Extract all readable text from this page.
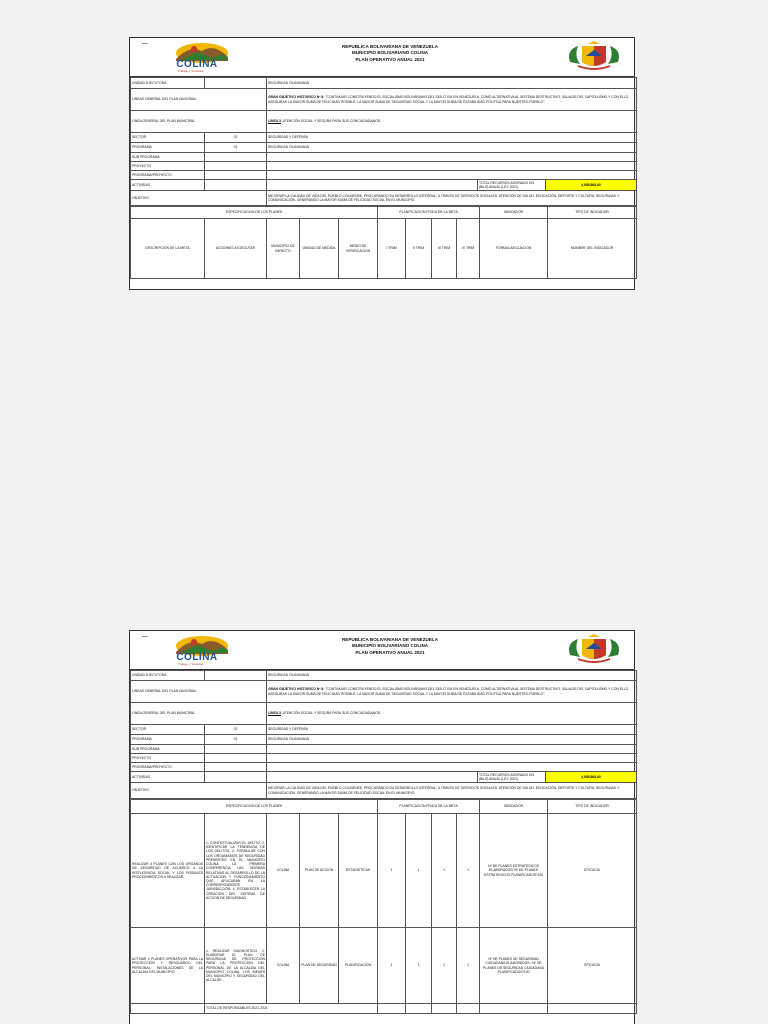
—
COLINA
Trabajo y Seriedad
REPUBLICA BOLIVARIANA DE VENEZUELA
MUNICIPIO BOLIVARIANO COLINA
PLAN OPERATIVO ANUAL 2021
UNIDAD EJECUTORA		SEGURIDAD CIUDADANA		
LINEAS GENERAL DEL PLAN NACIONAL		GRAN OBJETIVO HISTORICO Nº II: "CONTINUAR CONSTRUYENDO EL SOCIALISMO BOLIVARIANO DEL SIGLO XXI EN VENEZUELA, COMO ALTERNATIVA AL SISTEMA DESTRUCTIVO, SALVAJE DEL CAPITALISMO Y CON ELLO ASEGURAR LA MAYOR SUMA DE FELICIDAD POSIBLE, LA MAYOR SUMA DE SEGURIDAD SOCIAL Y LA MAYOR SUMA DE ESTABILIDAD POLITICA PARA NUESTRO PUEBLO".		
LINEA GENERAL DEL PLAN MUNICIPAL		LINEA 3: ATENCIÓN SOCIAL Y SEGURA PARA SUS CONCIUDADANOS.		
SECTOR	02	SEGURIDAD Y DEFENSA		
PROGRAMA	01	SEGURIDAD CIUDADANA		
SUB PROGRAMA				
PROYECTO				
PROGRAMA/PROYECTO				
ACTIVIDAD			TOTAL RECURSOS ASIGNADO EN (Bs.S) ANUAL (LEY 2021)	4,988,869.60
OBJETIVO		MEJORAR LA CALIDAD DE VIDA DEL PUEBLO COLINENSE. PROCURANDO SU DESARROLLO INTEGRAL, A TRAVES DE SERVICIOS SOCIALES, ATENCIÓN DE SALUD, EDUCACIÓN, DEPORTE Y CULTURA, SEGURIDAD Y COMUNICACIÓN. GENERANDO LA MAYOR SUMA DE FELICIDAD SOCIAL EN EL MUNICIPIO.		
ESPECIFICACION DE LOS PLANES					PLANIFICACION FISICA DE LA META				INDICADOR	TIPO DE INDICADOR
DESCRIPCION DE LA META	ACCIONES A EJECUTAR	MUNICIPIO DE IMPACTO	UNIDAD DE MEDIDA	MEDIO DE VERIFICACION	I TRIM	II TRIM	III TRIM	IV TRIM	FORMULA/ECUACION	NOMBRE DEL INDICADOR
—
COLINA
Trabajo y Seriedad
REPUBLICA BOLIVARIANA DE VENEZUELA
MUNICIPIO BOLIVARIANO COLINA
PLAN OPERATIVO ANUAL 2021
UNIDAD EJECUTORA		SEGURIDAD CIUDADANA		
LINEAS GENERAL DEL PLAN NACIONAL		GRAN OBJETIVO HISTORICO Nº II: "CONTINUAR CONSTRUYENDO EL SOCIALISMO BOLIVARIANO DEL SIGLO XXI EN VENEZUELA, COMO ALTERNATIVA AL SISTEMA DESTRUCTIVO, SALVAJE DEL CAPITALISMO Y CON ELLO ASEGURAR LA MAYOR SUMA DE FELICIDAD POSIBLE, LA MAYOR SUMA DE SEGURIDAD SOCIAL Y LA MAYOR SUMA DE ESTABILIDAD POLITICA PARA NUESTRO PUEBLO".		
LINEA GENERAL DEL PLAN MUNICIPAL		LINEA 3: ATENCIÓN SOCIAL Y SEGURA PARA SUS CONCIUDADANOS.		
SECTOR	02	SEGURIDAD Y DEFENSA		
PROGRAMA	01	SEGURIDAD CIUDADANA		
SUB PROGRAMA				
PROYECTO				
PROGRAMA/PROYECTO				
ACTIVIDAD			TOTAL RECURSOS ASIGNADO EN (Bs.S) ANUAL (LEY 2021)	4,988,869.60
OBJETIVO		MEJORAR LA CALIDAD DE VIDA DEL PUEBLO COLINENSE. PROCURANDO SU DESARROLLO INTEGRAL, A TRAVES DE SERVICIOS SOCIALES, ATENCIÓN DE SALUD, EDUCACIÓN, DEPORTE Y CULTURA, SEGURIDAD Y COMUNICACIÓN. GENERANDO LA MAYOR SUMA DE FELICIDAD SOCIAL EN EL MUNICIPIO.		
ESPECIFICACION DE LOS PLANES					PLANIFICACION FISICA DE LA META				INDICADOR	TIPO DE INDICADOR
REALIZAR 4 PLANES CON LOS ORGANOS DE SEGURIDAD DE ACUERDO A LA INTELIGENCIA SOCIAL Y LOS POSIBLES PROCEDIMIENTOS A REALIZAR.	1. CONTEXTUALIZAR EL DELITO, 2. IDENTIFICAR LA TENDENCIA DE LOS DELITOS, 3. FORMULAR CON LOS ORGANISMOS DE SEGURIDAD PRESENTES EN EL MUNICIPIO COLINA LA PRIMERA CONFERENCIA LAS NORMAS RELATIVAS AL DESARROLLO DE LA ACTUACION Y FUNCIONAMIENTO QUE APLICARAN EN LA CORRESPONDIENTE JURISDICCION, 4. ESTABLECER LA CREACION DEL SISTEMA DE ACCION DE SEGURIDAD.	COLINA	PLAN DE ACCION	ESTADISTICAS	1	1	1	1	Nº DE PLANES ESTRATEGICOS ELABORADOS/ Nº DE PLANES ESTRATEGICOS PLANIFICADOS*100	EFICACIA
ACTIVAR 4 PLANES OPERATIVOS PARA LA PROTECCION Y RESGUARDO DEL PERSONAL, INSTALACIONES DE LA ALCALDIA DEL MUNICIPIO	1. REALIZAR DIAGNOSTICO, 2. ELABORAR EL PLAN DE SEGURIDAD DE PROTECCION PARA LA PROTECCION DEL PERSONAL DE LA ALCALDIA DEL MUNICIPIO COLINA, LOS BIENES DEL MUNICIPIO Y SEGURIDAD DEL ALCALDE.	COLINA	PLAN DE SEGURIDAD	PLANIFICACION	1	1	1	1	Nº DE PLANES DE SEGURIDAD CIUDADANA ELABORADOS / Nº DE PLANES DE SEGURIDAD CIUDADANA PLANIFICADOS*100	EFICACIA
	TOTAL DE RESPONSABLES 2021-2021									
